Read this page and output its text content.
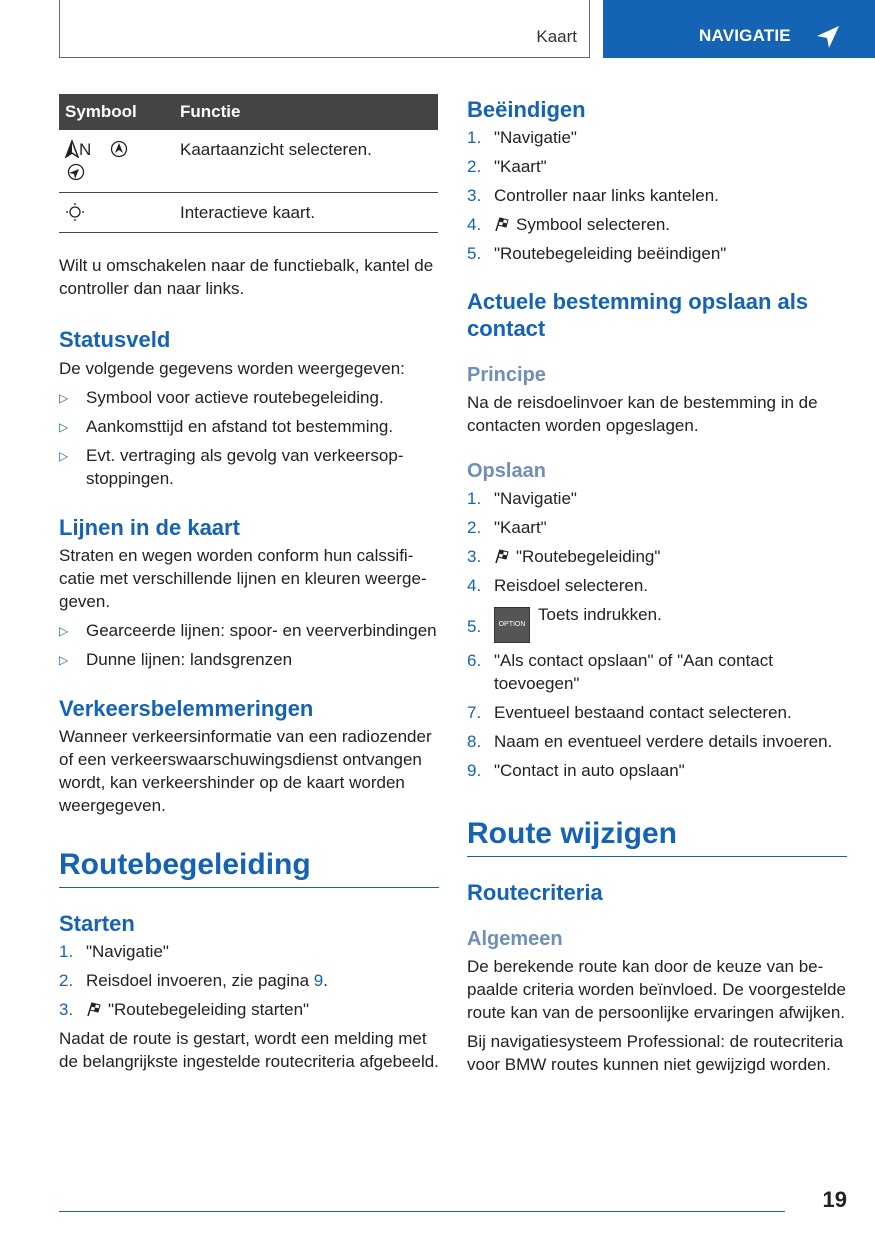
Kaart	NAVIGATIE
Symbool	Functie
N	Kaartaanzicht selecteren.
	Interactieve kaart.

Wilt u omschakelen naar de functiebalk, kantel de controller dan naar links.

Statusveld

De volgende gegevens worden weergegeven:

▷ Symbool voor actieve routebegeleiding.
▷ Aankomsttijd en afstand tot bestemming.
▷ Evt. vertraging als gevolg van verkeersopstoppingen.
Lijnen in de kaart

Straten en wegen worden conform hun calssificatie met verschillende lijnen en kleuren weergegeven.

▷ Gearceerde lijnen: spoor- en veerverbindingen
▷ Dunne lijnen: landsgrenzen
Verkeersbelemmeringen

Wanneer verkeersinformatie van een radiozender of een verkeerswaarschuwingsdienst ontvangen wordt, kan verkeershinder op de kaart worden weergegeven.

Routebegeleiding
Starten
1. "Navigatie"
2. Reisdoel invoeren, zie pagina 9.
3. "Routebegeleiding starten"

Nadat de route is gestart, wordt een melding met de belangrijkste ingestelde routecriteria afgebeeld.

Beëindigen
1. "Navigatie"
2. "Kaart"
3. Controller naar links kantelen.
4. Symbool selecteren.
5. "Routebegeleiding beëindigen"
Actuele bestemming opslaan als contact
Principe

Na de reisdoelinvoer kan de bestemming in de contacten worden opgeslagen.

Opslaan
1. "Navigatie"
2. "Kaart"
3. "Routebegeleiding"
4. Reisdoel selecteren.
5. OPTIONToets indrukken.
6. "Als contact opslaan" of "Aan contact toevoegen"
7. Eventueel bestaand contact selecteren.
8. Naam en eventueel verdere details invoeren.
9. "Contact in auto opslaan"
Route wijzigen
Routecriteria
Algemeen

De berekende route kan door de keuze van bepaalde criteria worden beïnvloed. De voorgestelde route kan van de persoonlijke ervaringen afwijken.

Bij navigatiesysteem Professional: de routecriteria voor BMW routes kunnen niet gewijzigd worden.

19
